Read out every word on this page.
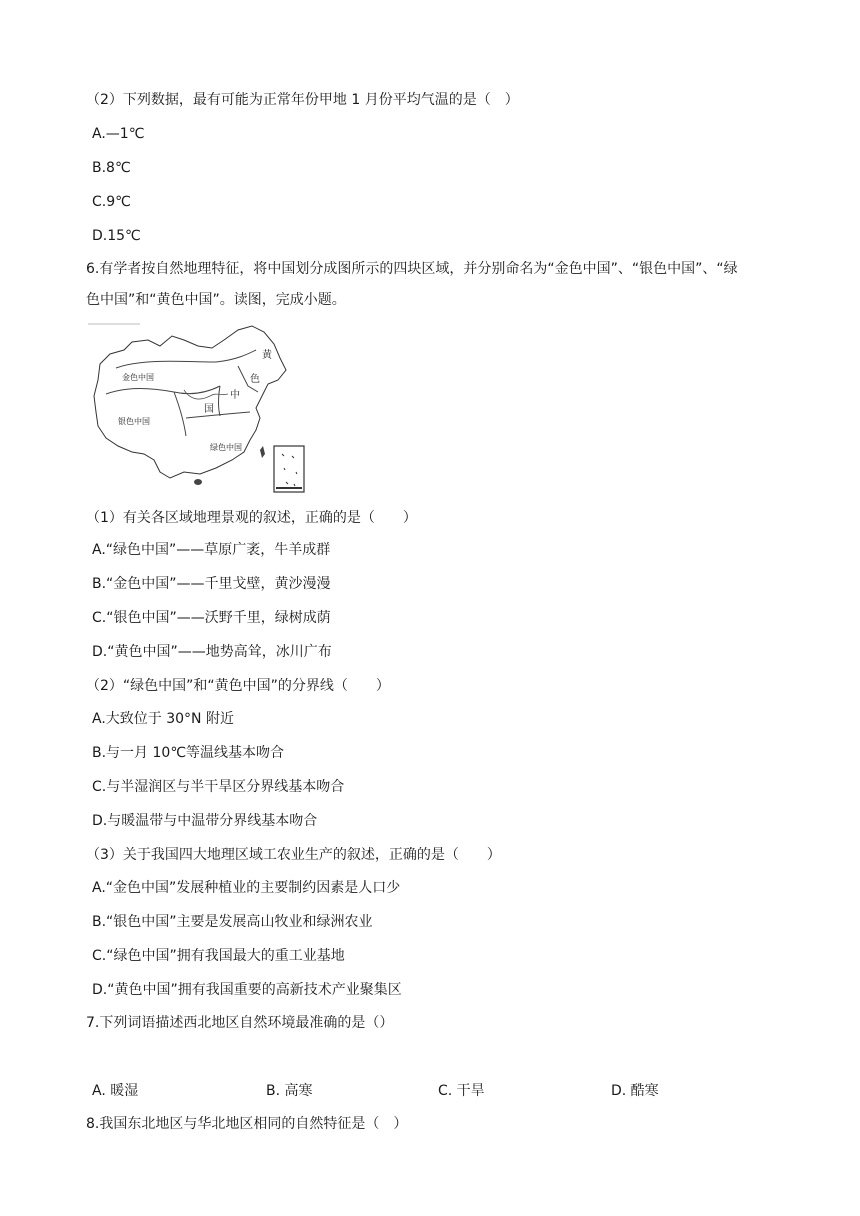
（2）下列数据，最有可能为正常年份甲地 1 月份平均气温的是（　）
A.—1℃
B.8℃
C.9℃
D.15℃
6.有学者按自然地理特征，将中国划分成图所示的四块区域，并分别命名为“金色中国”、“银色中国”、“绿
色中国”和“黄色中国”。读图，完成小题。
金色中国
银色中国
绿色中国
黄
色
中
国
（1）有关各区域地理景观的叙述，正确的是（　　）
A.“绿色中国”——草原广袤，牛羊成群
B.“金色中国”——千里戈壁，黄沙漫漫
C.“银色中国”——沃野千里，绿树成荫
D.“黄色中国”——地势高耸，冰川广布
（2）“绿色中国”和“黄色中国”的分界线（　　）
A.大致位于 30°N 附近
B.与一月 10℃等温线基本吻合
C.与半湿润区与半干旱区分界线基本吻合
D.与暖温带与中温带分界线基本吻合
（3）关于我国四大地理区域工农业生产的叙述，正确的是（　　）
A.“金色中国”发展种植业的主要制约因素是人口少
B.“银色中国”主要是发展高山牧业和绿洲农业
C.“绿色中国”拥有我国最大的重工业基地
D.“黄色中国”拥有我国重要的高新技术产业聚集区
7.下列词语描述西北地区自然环境最准确的是（）
A. 暖湿	B. 高寒	C. 干旱	D. 酷寒
8.我国东北地区与华北地区相同的自然特征是（　）
